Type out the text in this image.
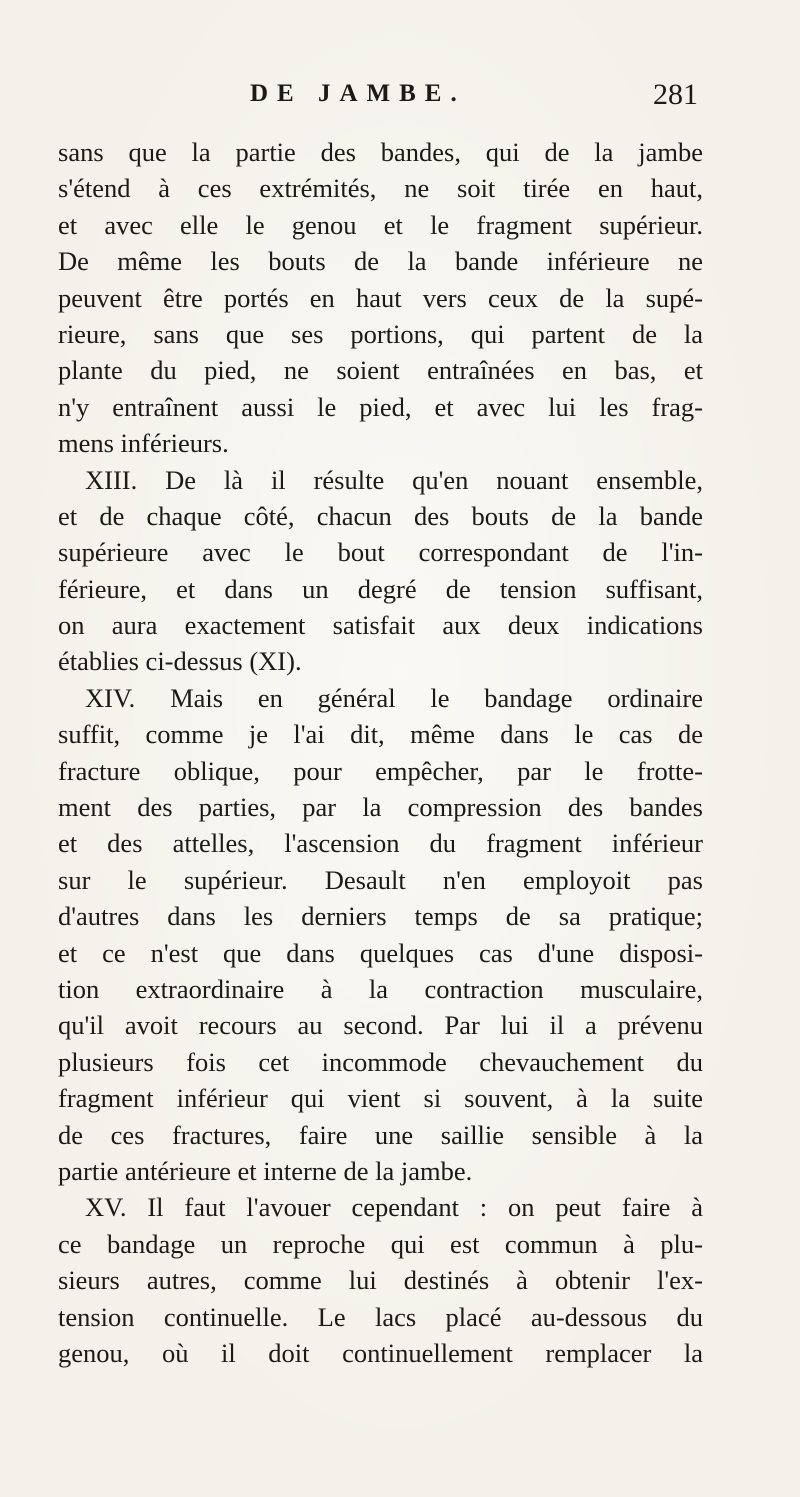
DE JAMBE.	281
sans que la partie des bandes, qui de la jambe
s'étend à ces extrémités, ne soit tirée en haut,
et avec elle le genou et le fragment supérieur.
De même les bouts de la bande inférieure ne
peuvent être portés en haut vers ceux de la supé-
rieure, sans que ses portions, qui partent de la
plante du pied, ne soient entraînées en bas, et
n'y entraînent aussi le pied, et avec lui les frag-
mens inférieurs.
XIII. De là il résulte qu'en nouant ensemble,
et de chaque côté, chacun des bouts de la bande
supérieure avec le bout correspondant de l'in-
férieure, et dans un degré de tension suffisant,
on aura exactement satisfait aux deux indications
établies ci-dessus (XI).
XIV. Mais en général le bandage ordinaire
suffit, comme je l'ai dit, même dans le cas de
fracture oblique, pour empêcher, par le frotte-
ment des parties, par la compression des bandes
et des attelles, l'ascension du fragment inférieur
sur le supérieur. Desault n'en employoit pas
d'autres dans les derniers temps de sa pratique;
et ce n'est que dans quelques cas d'une disposi-
tion extraordinaire à la contraction musculaire,
qu'il avoit recours au second. Par lui il a prévenu
plusieurs fois cet incommode chevauchement du
fragment inférieur qui vient si souvent, à la suite
de ces fractures, faire une saillie sensible à la
partie antérieure et interne de la jambe.
XV. Il faut l'avouer cependant : on peut faire à
ce bandage un reproche qui est commun à plu-
sieurs autres, comme lui destinés à obtenir l'ex-
tension continuelle. Le lacs placé au-dessous du
genou, où il doit continuellement remplacer la
